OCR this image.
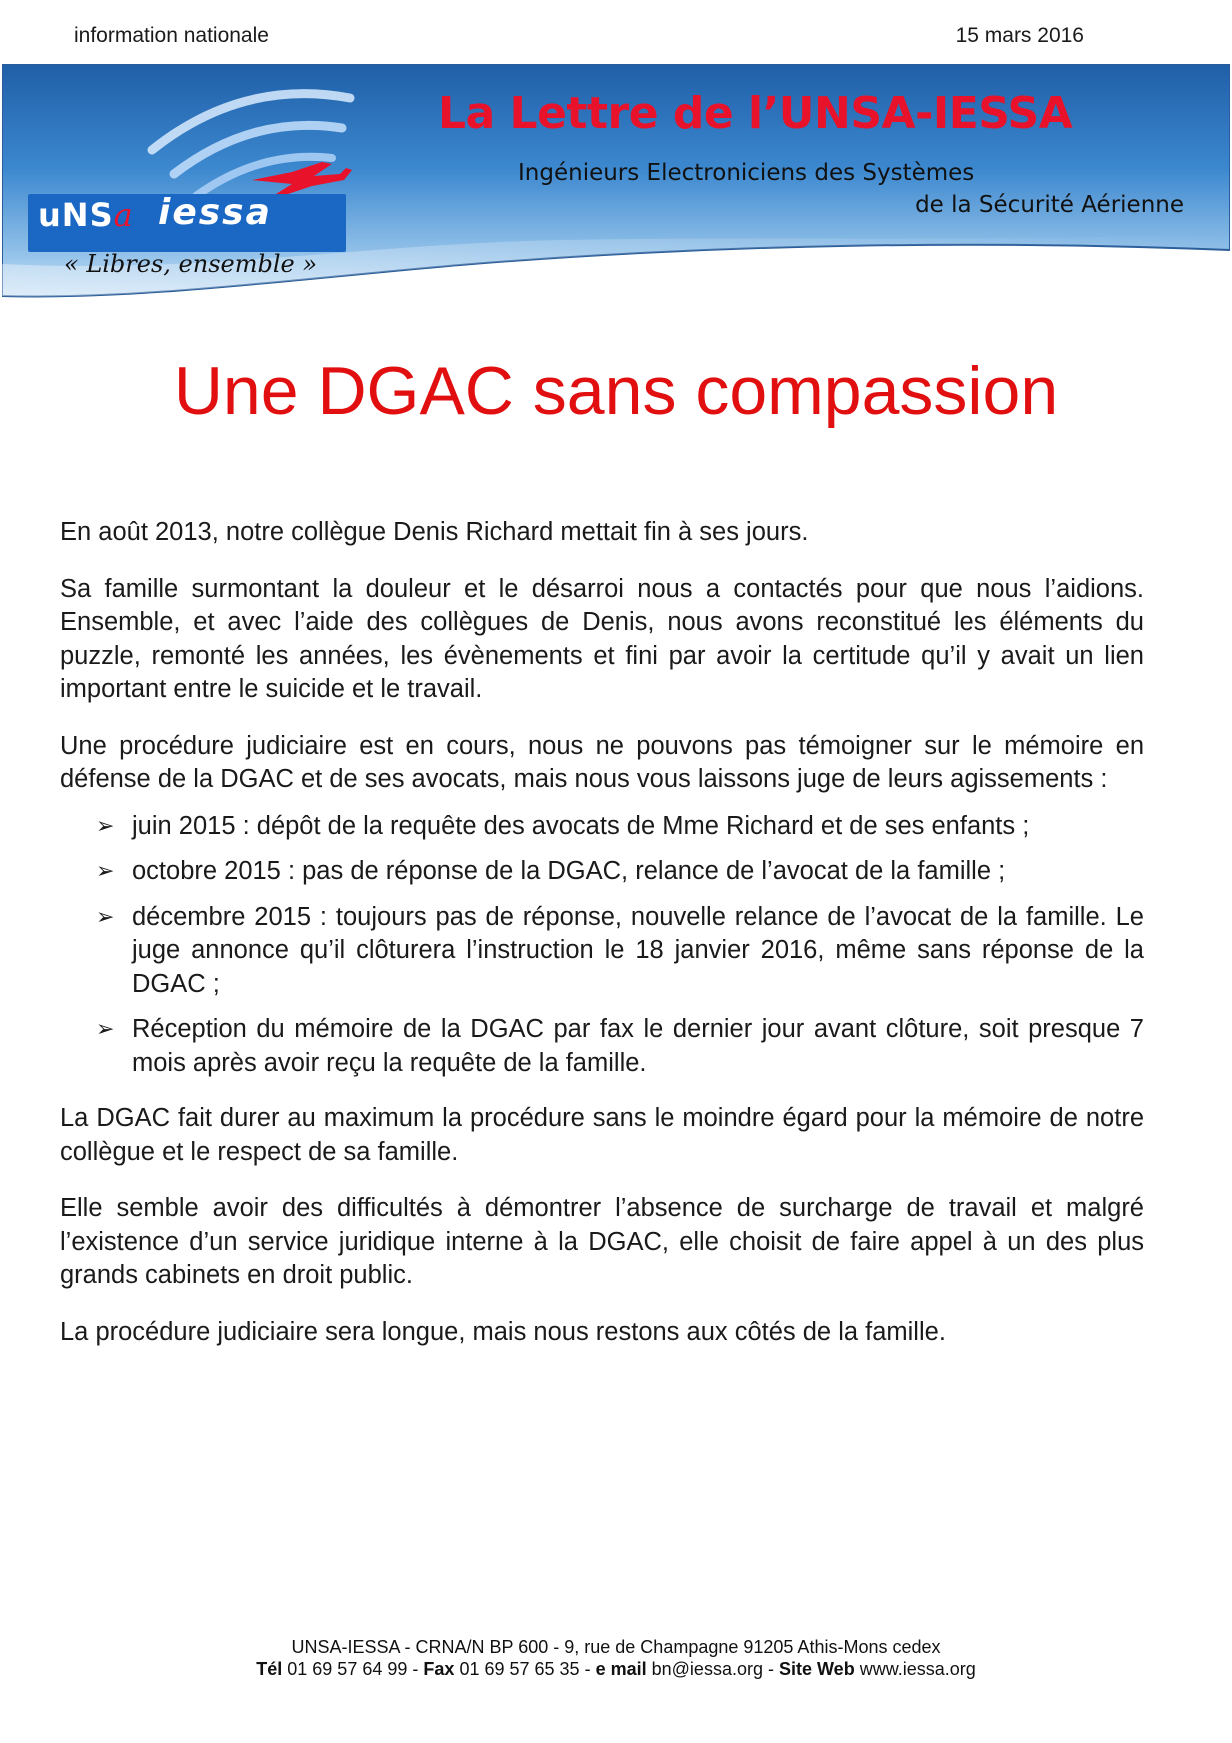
information nationale	15 mars 2016
uNSa iessa
« Libres, ensemble »
La Lettre de l’UNSA-IESSA
Ingénieurs Electroniciens des Systèmes
de la Sécurité Aérienne
Une DGAC sans compassion

En août 2013, notre collègue Denis Richard mettait fin à ses jours.

Sa famille surmontant la douleur et le désarroi nous a contactés pour que nous l’aidions. Ensemble, et avec l’aide des collègues de Denis, nous avons reconstitué les éléments du puzzle, remonté les années, les évènements et fini par avoir la certitude qu’il y avait un lien important entre le suicide et le travail.

Une procédure judiciaire est en cours, nous ne pouvons pas témoigner sur le mémoire en défense de la DGAC et de ses avocats, mais nous vous laissons juge de leurs agissements :

➢ juin 2015 : dépôt de la requête des avocats de Mme Richard et de ses enfants ;
➢ octobre 2015 : pas de réponse de la DGAC, relance de l’avocat de la famille ;
➢ décembre 2015 : toujours pas de réponse, nouvelle relance de l’avocat de la famille. Le juge annonce qu’il clôturera l’instruction le 18 janvier 2016, même sans réponse de la DGAC ;
➢ Réception du mémoire de la DGAC par fax le dernier jour avant clôture, soit presque 7 mois après avoir reçu la requête de la famille.

La DGAC fait durer au maximum la procédure sans le moindre égard pour la mémoire de notre collègue et le respect de sa famille.

Elle semble avoir des difficultés à démontrer l’absence de surcharge de travail et malgré l’existence d’un service juridique interne à la DGAC, elle choisit de faire appel à un des plus grands cabinets en droit public.

La procédure judiciaire sera longue, mais nous restons aux côtés de la famille.

UNSA-IESSA - CRNA/N BP 600 - 9, rue de Champagne 91205 Athis-Mons cedex
Tél 01 69 57 64 99 - Fax 01 69 57 65 35 - e mail bn@iessa.org - Site Web www.iessa.org
